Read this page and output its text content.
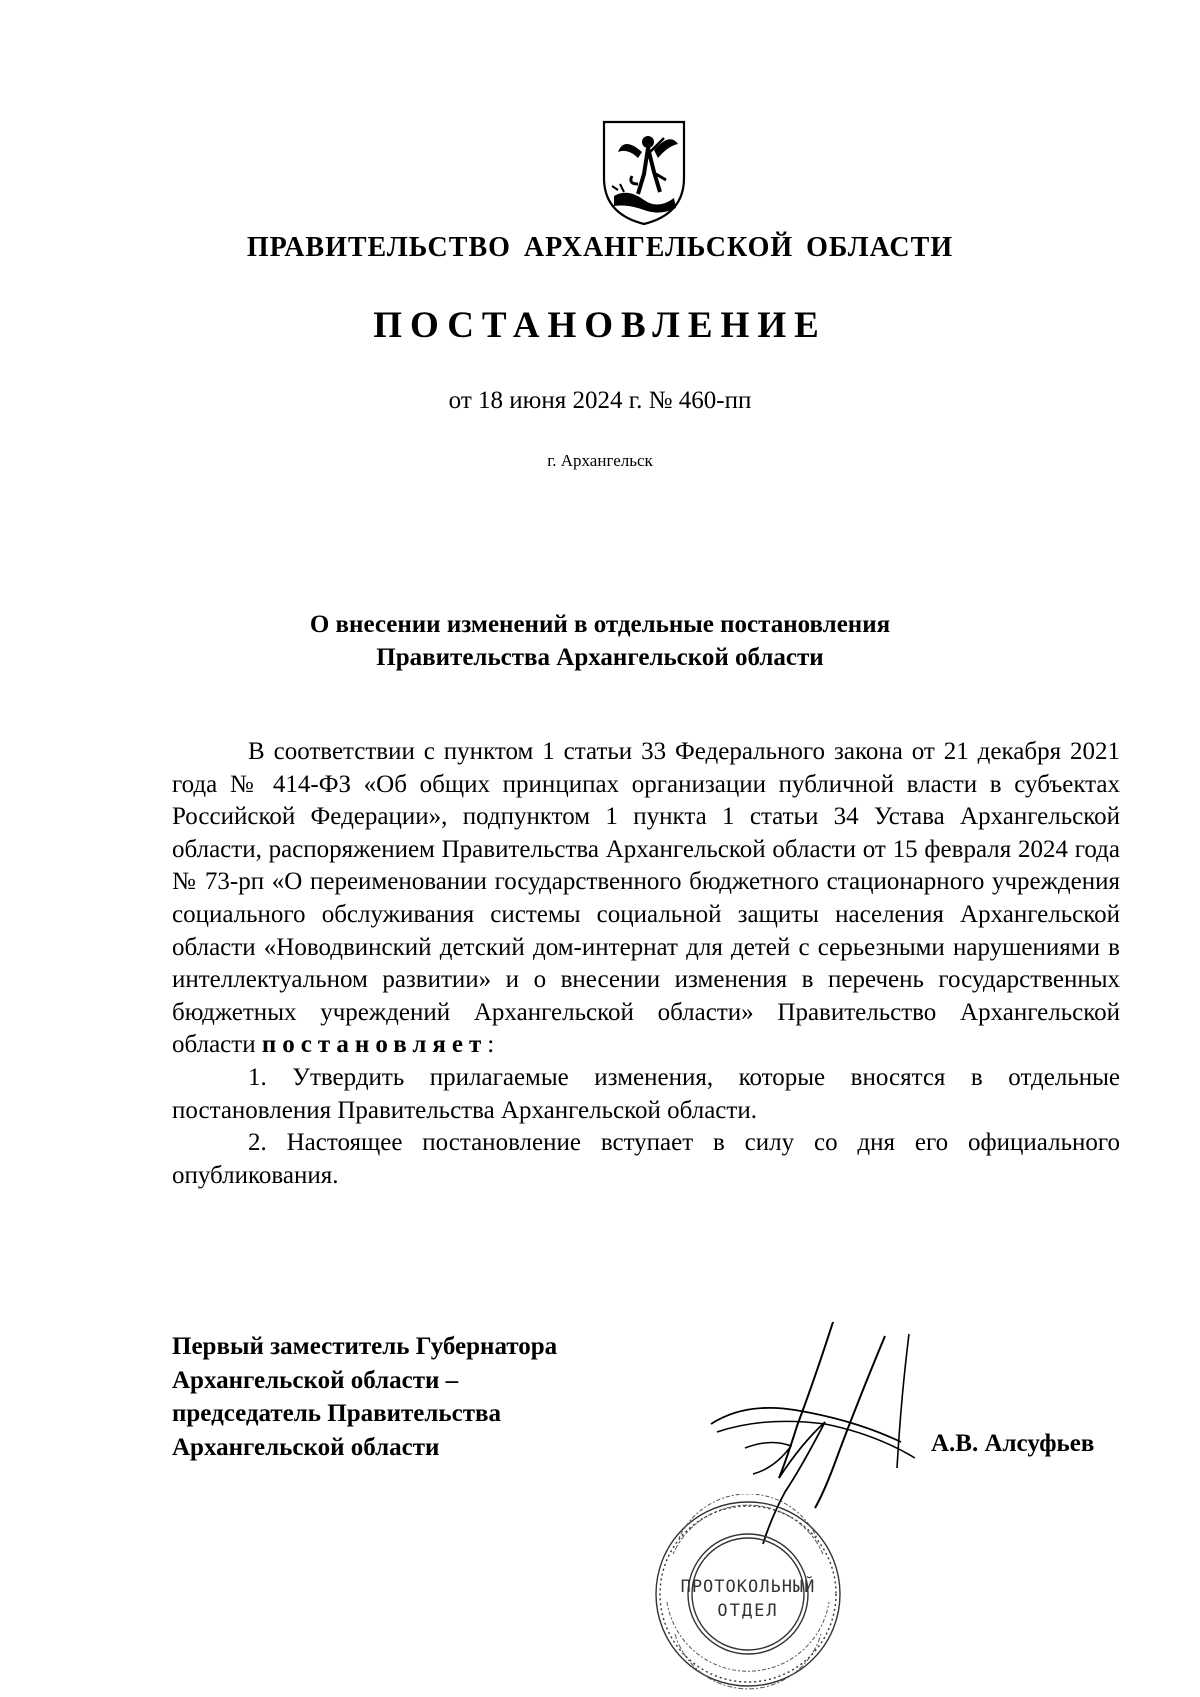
ПРАВИТЕЛЬСТВО АРХАНГЕЛЬСКОЙ ОБЛАСТИ
ПОСТАНОВЛЕНИЕ
от 18 июня 2024 г. № 460-пп
г. Архангельск
О внесении изменений в отдельные постановления
Правительства Архангельской области

В соответствии с пунктом 1 статьи 33 Федерального закона от 21 декабря 2021 года № 414-ФЗ «Об общих принципах организации публичной власти в субъектах Российской Федерации», подпунктом 1 пункта 1 статьи 34 Устава Архангельской области, распоряжением Правительства Архангельской области от 15 февраля 2024 года № 73-рп «О переименовании государственного бюджетного стационарного учреждения социального обслуживания системы социальной защиты населения Архангельской области «Новодвинский детский дом-интернат для детей с серьезными нарушениями в интеллектуальном развитии» и о внесении изменения в перечень государственных бюджетных учреждений Архангельской области» Правительство Архангельской области постановляет:

1. Утвердить прилагаемые изменения, которые вносятся в отдельные постановления Правительства Архангельской области.

2. Настоящее постановление вступает в силу со дня его официального опубликования.

Первый заместитель Губернатора
Архангельской области –
председатель Правительства
Архангельской области	А.В. Алсуфьев
ПРОТОКОЛЬНЫЙ
ОТДЕЛ
